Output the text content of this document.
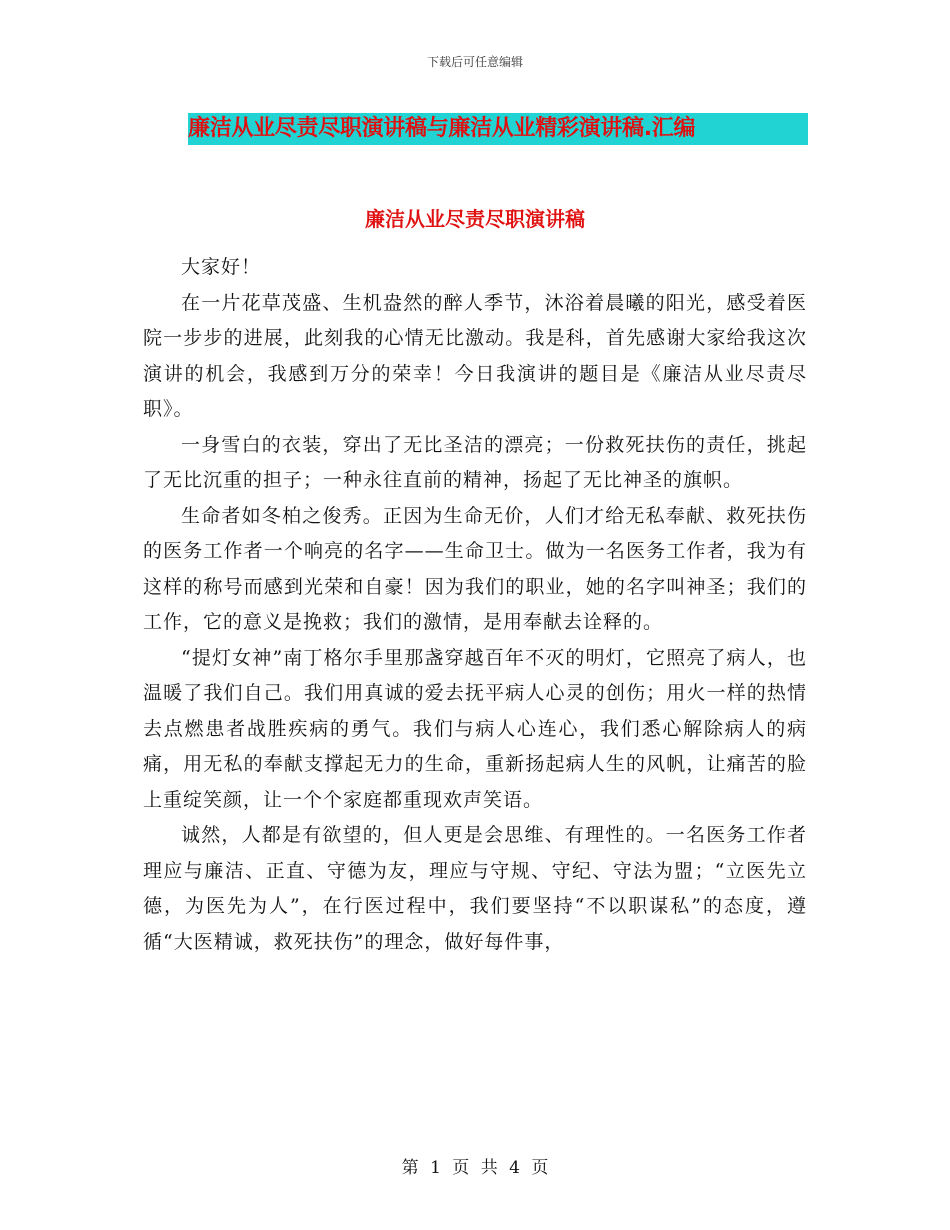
下载后可任意编辑
廉洁从业尽责尽职演讲稿与廉洁从业精彩演讲稿.汇编
廉洁从业尽责尽职演讲稿

大家好！

在一片花草茂盛、生机盎然的醉人季节，沐浴着晨曦的阳光，感受着医院一步步的进展，此刻我的心情无比激动。我是科，首先感谢大家给我这次演讲的机会，我感到万分的荣幸！今日我演讲的题目是《廉洁从业尽责尽职》。

一身雪白的衣装，穿出了无比圣洁的漂亮；一份救死扶伤的责任，挑起了无比沉重的担子；一种永往直前的精神，扬起了无比神圣的旗帜。

生命者如冬柏之俊秀。正因为生命无价，人们才给无私奉献、救死扶伤的医务工作者一个响亮的名字——生命卫士。做为一名医务工作者，我为有这样的称号而感到光荣和自豪！因为我们的职业，她的名字叫神圣；我们的工作，它的意义是挽救；我们的激情，是用奉献去诠释的。

“提灯女神”南丁格尔手里那盏穿越百年不灭的明灯，它照亮了病人，也温暖了我们自己。我们用真诚的爱去抚平病人心灵的创伤；用火一样的热情去点燃患者战胜疾病的勇气。我们与病人心连心，我们悉心解除病人的病痛，用无私的奉献支撑起无力的生命，重新扬起病人生的风帆，让痛苦的脸上重绽笑颜，让一个个家庭都重现欢声笑语。

诚然，人都是有欲望的，但人更是会思维、有理性的。一名医务工作者理应与廉洁、正直、守德为友，理应与守规、守纪、守法为盟；“立医先立德，为医先为人”，在行医过程中，我们要坚持“不以职谋私”的态度，遵循“大医精诚，救死扶伤”的理念，做好每件事，

第 1 页 共 4 页
